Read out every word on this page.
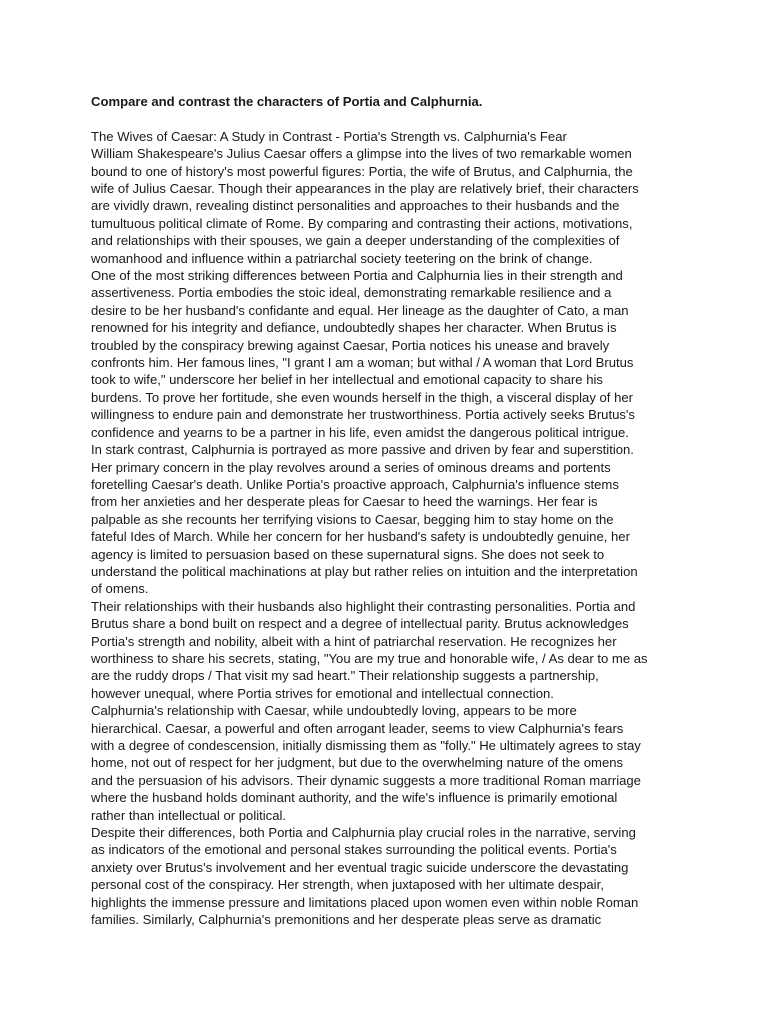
Compare and contrast the characters of Portia and Calphurnia.

The Wives of Caesar: A Study in Contrast - Portia's Strength vs. Calphurnia's Fear

William Shakespeare's Julius Caesar offers a glimpse into the lives of two remarkable women
bound to one of history's most powerful figures: Portia, the wife of Brutus, and Calphurnia, the
wife of Julius Caesar. Though their appearances in the play are relatively brief, their characters
are vividly drawn, revealing distinct personalities and approaches to their husbands and the
tumultuous political climate of Rome. By comparing and contrasting their actions, motivations,
and relationships with their spouses, we gain a deeper understanding of the complexities of
womanhood and influence within a patriarchal society teetering on the brink of change.

One of the most striking differences between Portia and Calphurnia lies in their strength and
assertiveness. Portia embodies the stoic ideal, demonstrating remarkable resilience and a
desire to be her husband's confidante and equal. Her lineage as the daughter of Cato, a man
renowned for his integrity and defiance, undoubtedly shapes her character. When Brutus is
troubled by the conspiracy brewing against Caesar, Portia notices his unease and bravely
confronts him. Her famous lines, "I grant I am a woman; but withal / A woman that Lord Brutus
took to wife," underscore her belief in her intellectual and emotional capacity to share his
burdens. To prove her fortitude, she even wounds herself in the thigh, a visceral display of her
willingness to endure pain and demonstrate her trustworthiness. Portia actively seeks Brutus's
confidence and yearns to be a partner in his life, even amidst the dangerous political intrigue.

In stark contrast, Calphurnia is portrayed as more passive and driven by fear and superstition.
Her primary concern in the play revolves around a series of ominous dreams and portents
foretelling Caesar's death. Unlike Portia's proactive approach, Calphurnia's influence stems
from her anxieties and her desperate pleas for Caesar to heed the warnings. Her fear is
palpable as she recounts her terrifying visions to Caesar, begging him to stay home on the
fateful Ides of March. While her concern for her husband's safety is undoubtedly genuine, her
agency is limited to persuasion based on these supernatural signs. She does not seek to
understand the political machinations at play but rather relies on intuition and the interpretation
of omens.

Their relationships with their husbands also highlight their contrasting personalities. Portia and
Brutus share a bond built on respect and a degree of intellectual parity. Brutus acknowledges
Portia's strength and nobility, albeit with a hint of patriarchal reservation. He recognizes her
worthiness to share his secrets, stating, "You are my true and honorable wife, / As dear to me as
are the ruddy drops / That visit my sad heart." Their relationship suggests a partnership,
however unequal, where Portia strives for emotional and intellectual connection.

Calphurnia's relationship with Caesar, while undoubtedly loving, appears to be more
hierarchical. Caesar, a powerful and often arrogant leader, seems to view Calphurnia's fears
with a degree of condescension, initially dismissing them as "folly." He ultimately agrees to stay
home, not out of respect for her judgment, but due to the overwhelming nature of the omens
and the persuasion of his advisors. Their dynamic suggests a more traditional Roman marriage
where the husband holds dominant authority, and the wife's influence is primarily emotional
rather than intellectual or political.

Despite their differences, both Portia and Calphurnia play crucial roles in the narrative, serving
as indicators of the emotional and personal stakes surrounding the political events. Portia's
anxiety over Brutus's involvement and her eventual tragic suicide underscore the devastating
personal cost of the conspiracy. Her strength, when juxtaposed with her ultimate despair,
highlights the immense pressure and limitations placed upon women even within noble Roman
families. Similarly, Calphurnia's premonitions and her desperate pleas serve as dramatic
